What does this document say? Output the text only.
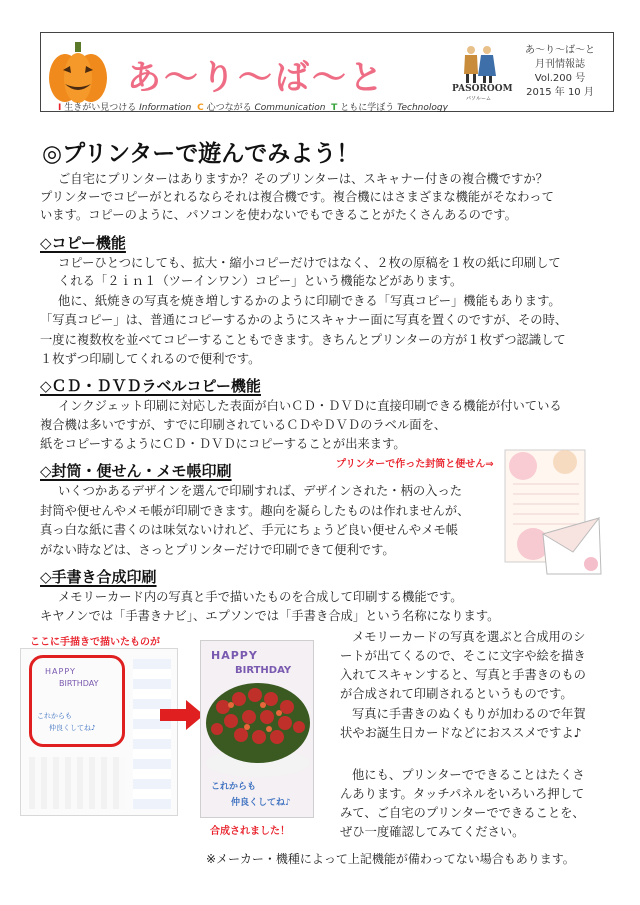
あ〜り〜ば〜と	PASOROOM
パソルーム
あ〜り〜ば〜と
月刊情報誌
Vol.200 号
2015 年 10 月
I 生きがい見つける Information C 心つながる Communication T ともに学ぼう Technology
◎プリンターで遊んでみよう！
ご自宅にプリンターはありますか？そのプリンターは、スキャナー付きの複合機ですか？
プリンターでコピーがとれるならそれは複合機です。複合機にはさまざまな機能がそなわって
います。コピーのように、パソコンを使わないでもできることがたくさんあるのです。
◇コピー機能
コピーひとつにしても、拡大・縮小コピーだけではなく、２枚の原稿を１枚の紙に印刷して
くれる「２ｉｎ１（ツーインワン）コピー」という機能などがあります。
他に、紙焼きの写真を焼き増しするかのように印刷できる「写真コピー」機能もあります。
「写真コピー」は、普通にコピーするかのようにスキャナー面に写真を置くのですが、その時、
一度に複数枚を並べてコピーすることもできます。きちんとプリンターの方が１枚ずつ認識して
１枚ずつ印刷してくれるので便利です。
◇ＣＤ・ＤＶＤラベルコピー機能
インクジェット印刷に対応した表面が白いＣＤ・ＤＶＤに直接印刷できる機能が付いている
複合機は多いですが、すでに印刷されているＣＤやＤＶＤのラベル面を、
紙をコピーするようにＣＤ・ＤＶＤにコピーすることが出来ます。
プリンターで作った封筒と便せん⇒
◇封筒・便せん・メモ帳印刷
いくつかあるデザインを選んで印刷すれば、デザインされた・柄の入った
封筒や便せんやメモ帳が印刷できます。趣向を凝らしたものは作れませんが、
真っ白な紙に書くのは味気ないけれど、手元にちょうど良い便せんやメモ帳
がない時などは、さっとプリンターだけで印刷できて便利です。
◇手書き合成印刷
メモリーカード内の写真と手で描いたものを合成して印刷する機能です。
キヤノンでは「手書きナビ」、エプソンでは「手書き合成」という名称になります。
ここに手描きで描いたものが
HAPPY
BIRTHDAY
これからも
仲良くしてね♪
HAPPY
BIRTHDAY
これからも
仲良くしてね♪
合成されました！
メモリーカードの写真を選ぶと合成用のシ
ートが出てくるので、そこに文字や絵を描き
入れてスキャンすると、写真と手書きのもの
が合成されて印刷されるというものです。
写真に手書きのぬくもりが加わるので年賀
状やお誕生日カードなどにおススメですよ♪
他にも、プリンターでできることはたくさ
んあります。タッチパネルをいろいろ押して
みて、ご自宅のプリンターでできることを、
ぜひ一度確認してみてください。
※メーカー・機種によって上記機能が備わってない場合もあります。
